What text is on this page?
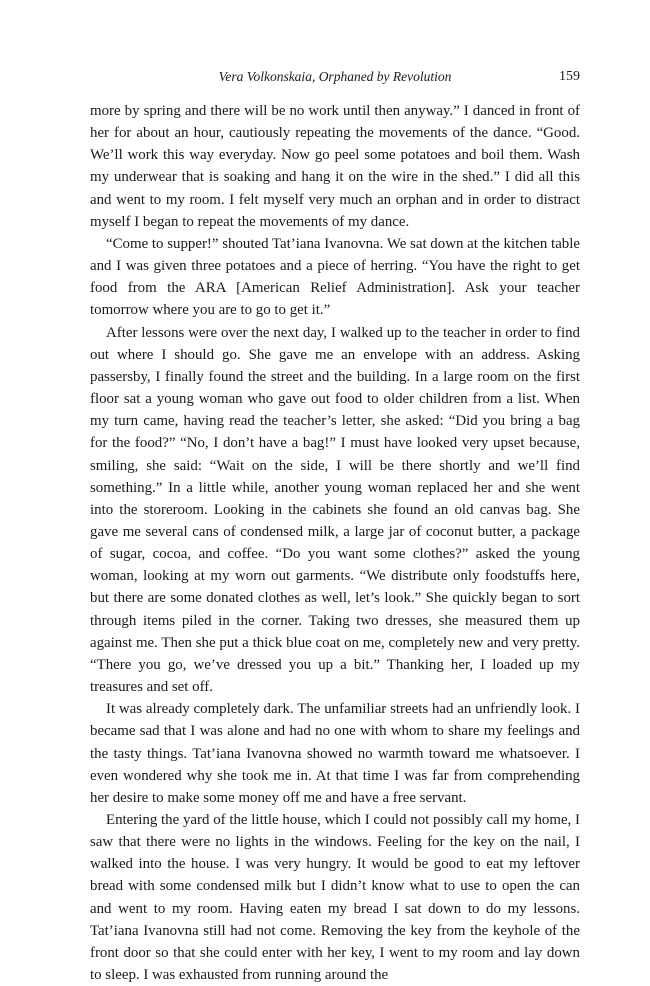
Vera Volkonskaia, Orphaned by Revolution	159

more by spring and there will be no work until then anyway.” I danced in front of her for about an hour, cautiously repeating the movements of the dance. “Good. We’ll work this way everyday. Now go peel some potatoes and boil them. Wash my underwear that is soaking and hang it on the wire in the shed.” I did all this and went to my room. I felt myself very much an orphan and in order to distract myself I began to repeat the movements of my dance.

“Come to supper!” shouted Tat’iana Ivanovna. We sat down at the kitchen table and I was given three potatoes and a piece of herring. “You have the right to get food from the ARA [American Relief Administration]. Ask your teacher tomorrow where you are to go to get it.”

After lessons were over the next day, I walked up to the teacher in order to find out where I should go. She gave me an envelope with an address. Asking passersby, I finally found the street and the building. In a large room on the first floor sat a young woman who gave out food to older children from a list. When my turn came, having read the teacher’s letter, she asked: “Did you bring a bag for the food?” “No, I don’t have a bag!” I must have looked very upset because, smiling, she said: “Wait on the side, I will be there shortly and we’ll find something.” In a little while, another young woman replaced her and she went into the storeroom. Looking in the cabinets she found an old canvas bag. She gave me several cans of condensed milk, a large jar of coconut butter, a package of sugar, cocoa, and coffee. “Do you want some clothes?” asked the young woman, looking at my worn out garments. “We distribute only foodstuffs here, but there are some donated clothes as well, let’s look.” She quickly began to sort through items piled in the corner. Taking two dresses, she measured them up against me. Then she put a thick blue coat on me, completely new and very pretty. “There you go, we’ve dressed you up a bit.” Thanking her, I loaded up my treasures and set off.

It was already completely dark. The unfamiliar streets had an unfriendly look. I became sad that I was alone and had no one with whom to share my feelings and the tasty things. Tat’iana Ivanovna showed no warmth toward me whatsoever. I even wondered why she took me in. At that time I was far from comprehending her desire to make some money off me and have a free servant.

Entering the yard of the little house, which I could not possibly call my home, I saw that there were no lights in the windows. Feeling for the key on the nail, I walked into the house. I was very hungry. It would be good to eat my leftover bread with some condensed milk but I didn’t know what to use to open the can and went to my room. Having eaten my bread I sat down to do my lessons. Tat’iana Ivanovna still had not come. Removing the key from the keyhole of the front door so that she could enter with her key, I went to my room and lay down to sleep. I was exhausted from running around the
